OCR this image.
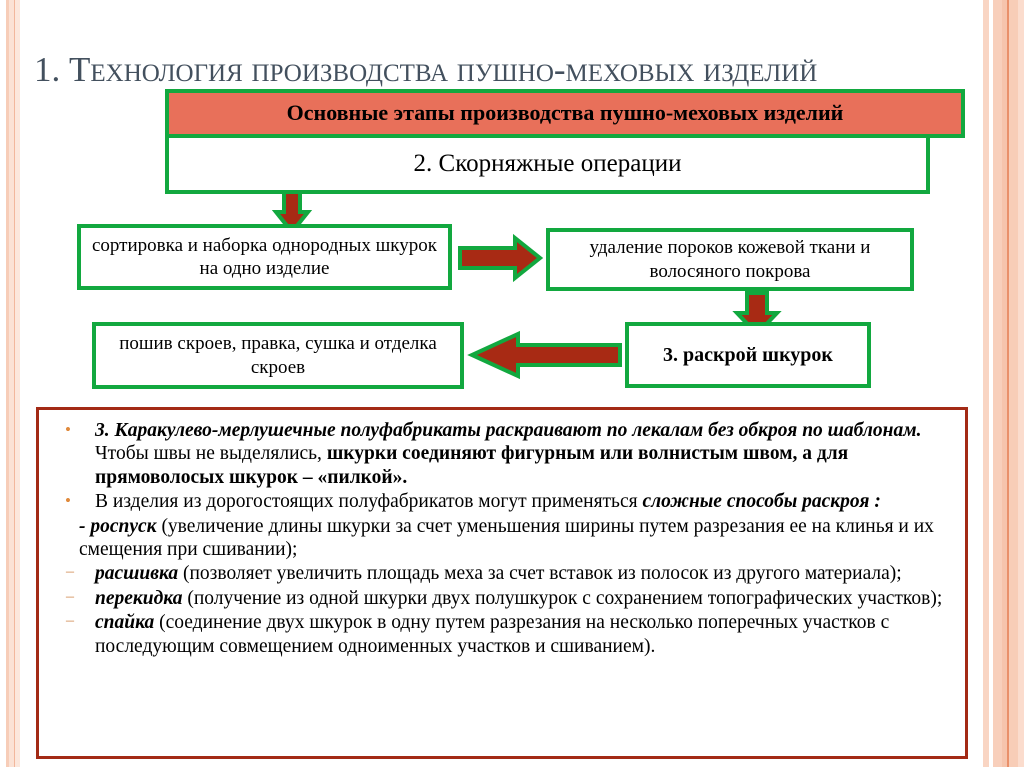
1. Технология производства пушно-меховых изделий
2. Скорняжные операции
Основные этапы производства пушно-меховых изделий
сортировка и наборка однородных шкурок на одно изделие
удаление пороков кожевой ткани и волосяного покрова
пошив скроев, правка, сушка и отделка скроев
3. раскрой шкурок

• 3. Каракулево-мерлушечные полуфабрикаты раскраивают по лекалам без обкроя по шаблонам. Чтобы швы не выделялись, шкурки соединяют фигурным или волнистым швом, а для прямоволосых шкурок – «пилкой».

• В изделия из дорогостоящих полуфабрикатов могут применяться сложные способы раскроя :

- роспуск (увеличение длины шкурки за счет уменьшения ширины путем разрезания ее на клинья и их смещения при сшивании);

– расшивка (позволяет увеличить площадь меха за счет вставок из полосок из другого материала);

– перекидка (получение из одной шкурки двух полушкурок с сохранением топографических участков);

– спайка (соединение двух шкурок в одну путем разрезания на несколько поперечных участков с последующим совмещением одноименных участков и сшиванием).
